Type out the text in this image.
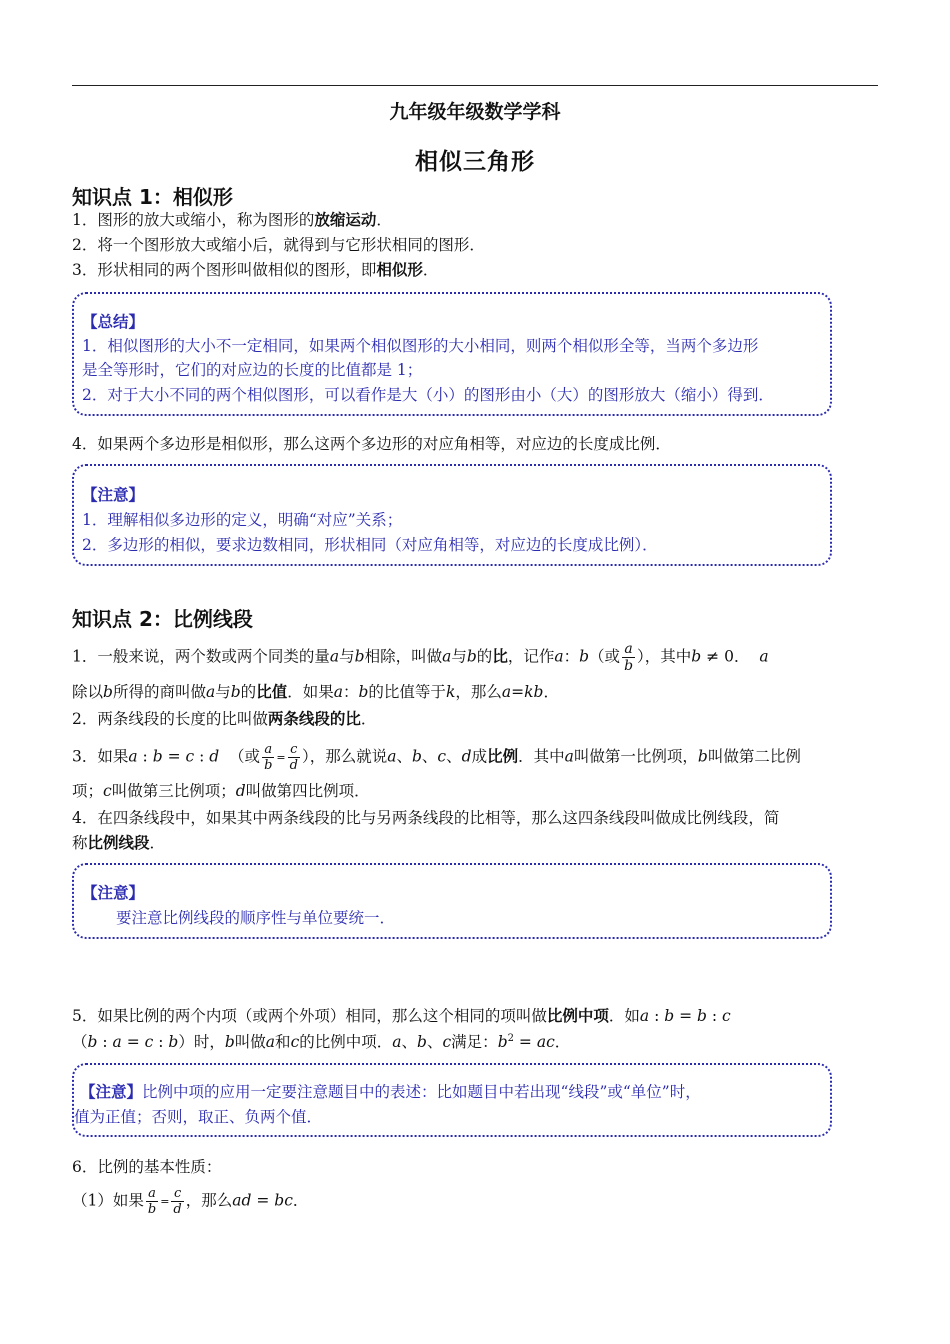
九年级年级数学学科
相似三角形
知识点 1：相似形
1．图形的放大或缩小，称为图形的放缩运动．
2．将一个图形放大或缩小后，就得到与它形状相同的图形．
3．形状相同的两个图形叫做相似的图形，即相似形．
【总结】
1．相似图形的大小不一定相同，如果两个相似图形的大小相同，则两个相似形全等，当两个多边形
是全等形时，它们的对应边的长度的比值都是 1；
2．对于大小不同的两个相似图形，可以看作是大（小）的图形由小（大）的图形放大（缩小）得到．
4．如果两个多边形是相似形，那么这两个多边形的对应角相等，对应边的长度成比例．
【注意】
1．理解相似多边形的定义，明确“对应”关系；
2．多边形的相似，要求边数相同，形状相同（对应角相等，对应边的长度成比例）．
知识点 2：比例线段
1．一般来说，两个数或两个同类的量a与b相除，叫做a与b的比，记作a：b（或 $\frac{a}{b}$ ），其中b ≠ 0． a
除以b所得的商叫做a与b的比值．如果a：b的比值等于k，那么a=kb．
2．两条线段的长度的比叫做两条线段的比．
3．如果a : b = c : d （或 $\frac{a}{b} = \frac{c}{d}$ ），那么就说a、b、c、d成比例．其中a叫做第一比例项，b叫做第二比例
项；c叫做第三比例项；d叫做第四比例项．
4．在四条线段中，如果其中两条线段的比与另两条线段的比相等，那么这四条线段叫做成比例线段，简
称比例线段．
【注意】
要注意比例线段的顺序性与单位要统一．
5．如果比例的两个内项（或两个外项）相同，那么这个相同的项叫做比例中项．如a : b = b : c
（b : a = c : b）时，b叫做a和c的比例中项．a、b、c满足：$b^2$ = ac．
【注意】比例中项的应用一定要注意题目中的表述：比如题目中若出现“线段”或“单位”时，
值为正值；否则，取正、负两个值．
6．比例的基本性质：
（1）如果 $\frac{a}{b} = \frac{c}{d}$ ，那么ad = bc．
